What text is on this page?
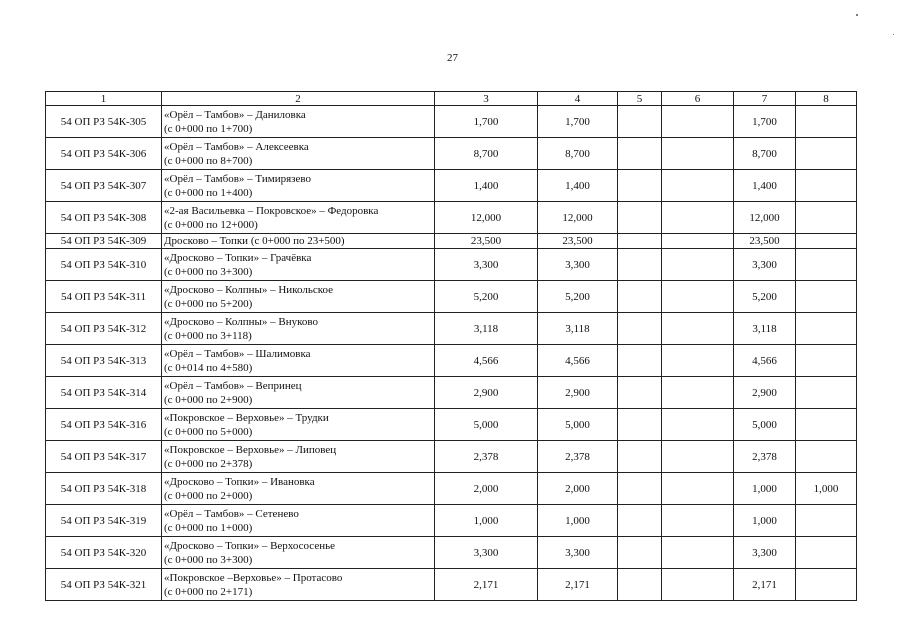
27
1	2	3	4	5	6	7	8
54 ОП РЗ 54К-305	«Орёл – Тамбов» – Даниловка
(с 0+000 по 1+700)	1,700	1,700			1,700	
54 ОП РЗ 54К-306	«Орёл – Тамбов» – Алексеевка
(с 0+000 по 8+700)	8,700	8,700			8,700	
54 ОП РЗ 54К-307	«Орёл – Тамбов» – Тимирязево
(с 0+000 по 1+400)	1,400	1,400			1,400	
54 ОП РЗ 54К-308	«2-ая Васильевка – Покровское» – Федоровка
(с 0+000 по 12+000)	12,000	12,000			12,000	
54 ОП РЗ 54К-309	Дросково – Топки (с 0+000 по 23+500)	23,500	23,500			23,500	
54 ОП РЗ 54К-310	«Дросково – Топки» – Грачёвка
(с 0+000 по 3+300)	3,300	3,300			3,300	
54 ОП РЗ 54К-311	«Дросково – Колпны» – Никольское
(с 0+000 по 5+200)	5,200	5,200			5,200	
54 ОП РЗ 54К-312	«Дросково – Колпны» – Внуково
(с 0+000 по 3+118)	3,118	3,118			3,118	
54 ОП РЗ 54К-313	«Орёл – Тамбов» – Шалимовка
(с 0+014 по 4+580)	4,566	4,566			4,566	
54 ОП РЗ 54К-314	«Орёл – Тамбов» – Вепринец
(с 0+000 по 2+900)	2,900	2,900			2,900	
54 ОП РЗ 54К-316	«Покровское – Верховье» – Трудки
(с 0+000 по 5+000)	5,000	5,000			5,000	
54 ОП РЗ 54К-317	«Покровское – Верховье» – Липовец
(с 0+000 по 2+378)	2,378	2,378			2,378	
54 ОП РЗ 54К-318	«Дросково – Топки» – Ивановка
(с 0+000 по 2+000)	2,000	2,000			1,000	1,000
54 ОП РЗ 54К-319	«Орёл – Тамбов» – Сетенево
(с 0+000 по 1+000)	1,000	1,000			1,000	
54 ОП РЗ 54К-320	«Дросково – Топки» – Верхососенье
(с 0+000 по 3+300)	3,300	3,300			3,300	
54 ОП РЗ 54К-321	«Покровское –Верховье» – Протасово
(с 0+000 по 2+171)	2,171	2,171			2,171	
